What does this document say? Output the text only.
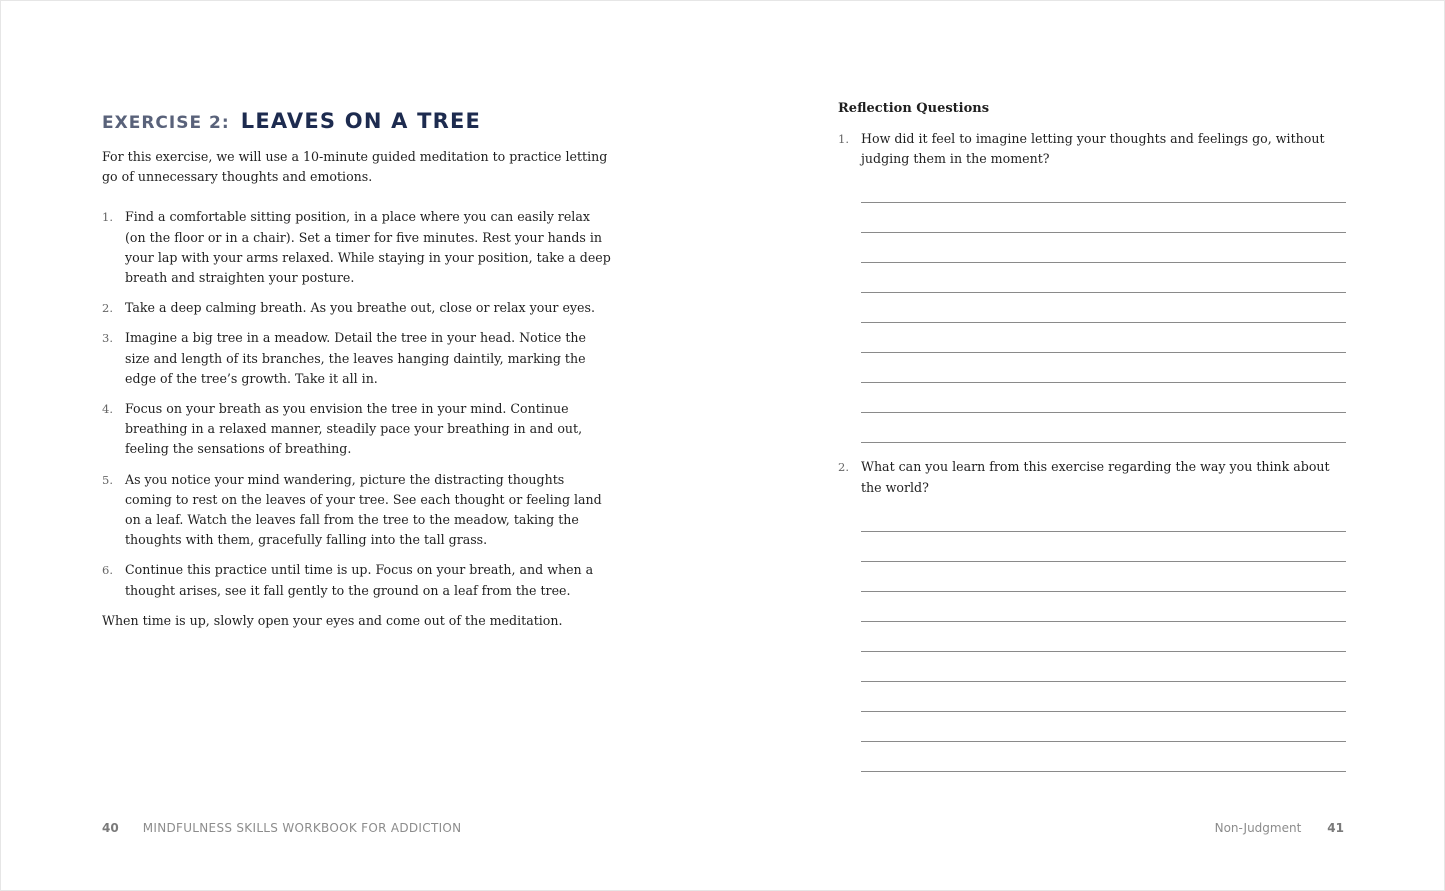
EXERCISE 2: LEAVES ON A TREE

For this exercise, we will use a 10-minute guided meditation to practice letting go of unnecessary thoughts and emotions.

1. Find a comfortable sitting position, in a place where you can easily relax (on the floor or in a chair). Set a timer for five minutes. Rest your hands in your lap with your arms relaxed. While staying in your position, take a deep breath and straighten your posture.
2. Take a deep calming breath. As you breathe out, close or relax your eyes.
3. Imagine a big tree in a meadow. Detail the tree in your head. Notice the size and length of its branches, the leaves hanging daintily, marking the edge of the tree’s growth. Take it all in.
4. Focus on your breath as you envision the tree in your mind. Continue breathing in a relaxed manner, steadily pace your breathing in and out, feeling the sensations of breathing.
5. As you notice your mind wandering, picture the distracting thoughts coming to rest on the leaves of your tree. See each thought or feeling land on a leaf. Watch the leaves fall from the tree to the meadow, taking the thoughts with them, gracefully falling into the tall grass.
6. Continue this practice until time is up. Focus on your breath, and when a thought arises, see it fall gently to the ground on a leaf from the tree.

When time is up, slowly open your eyes and come out of the meditation.

Reflection Questions
1. How did it feel to imagine letting your thoughts and feelings go, without judging them in the moment?
2. What can you learn from this exercise regarding the way you think about the world?
40 MINDFULNESS SKILLS WORKBOOK FOR ADDICTION	Non-Judgment 41
